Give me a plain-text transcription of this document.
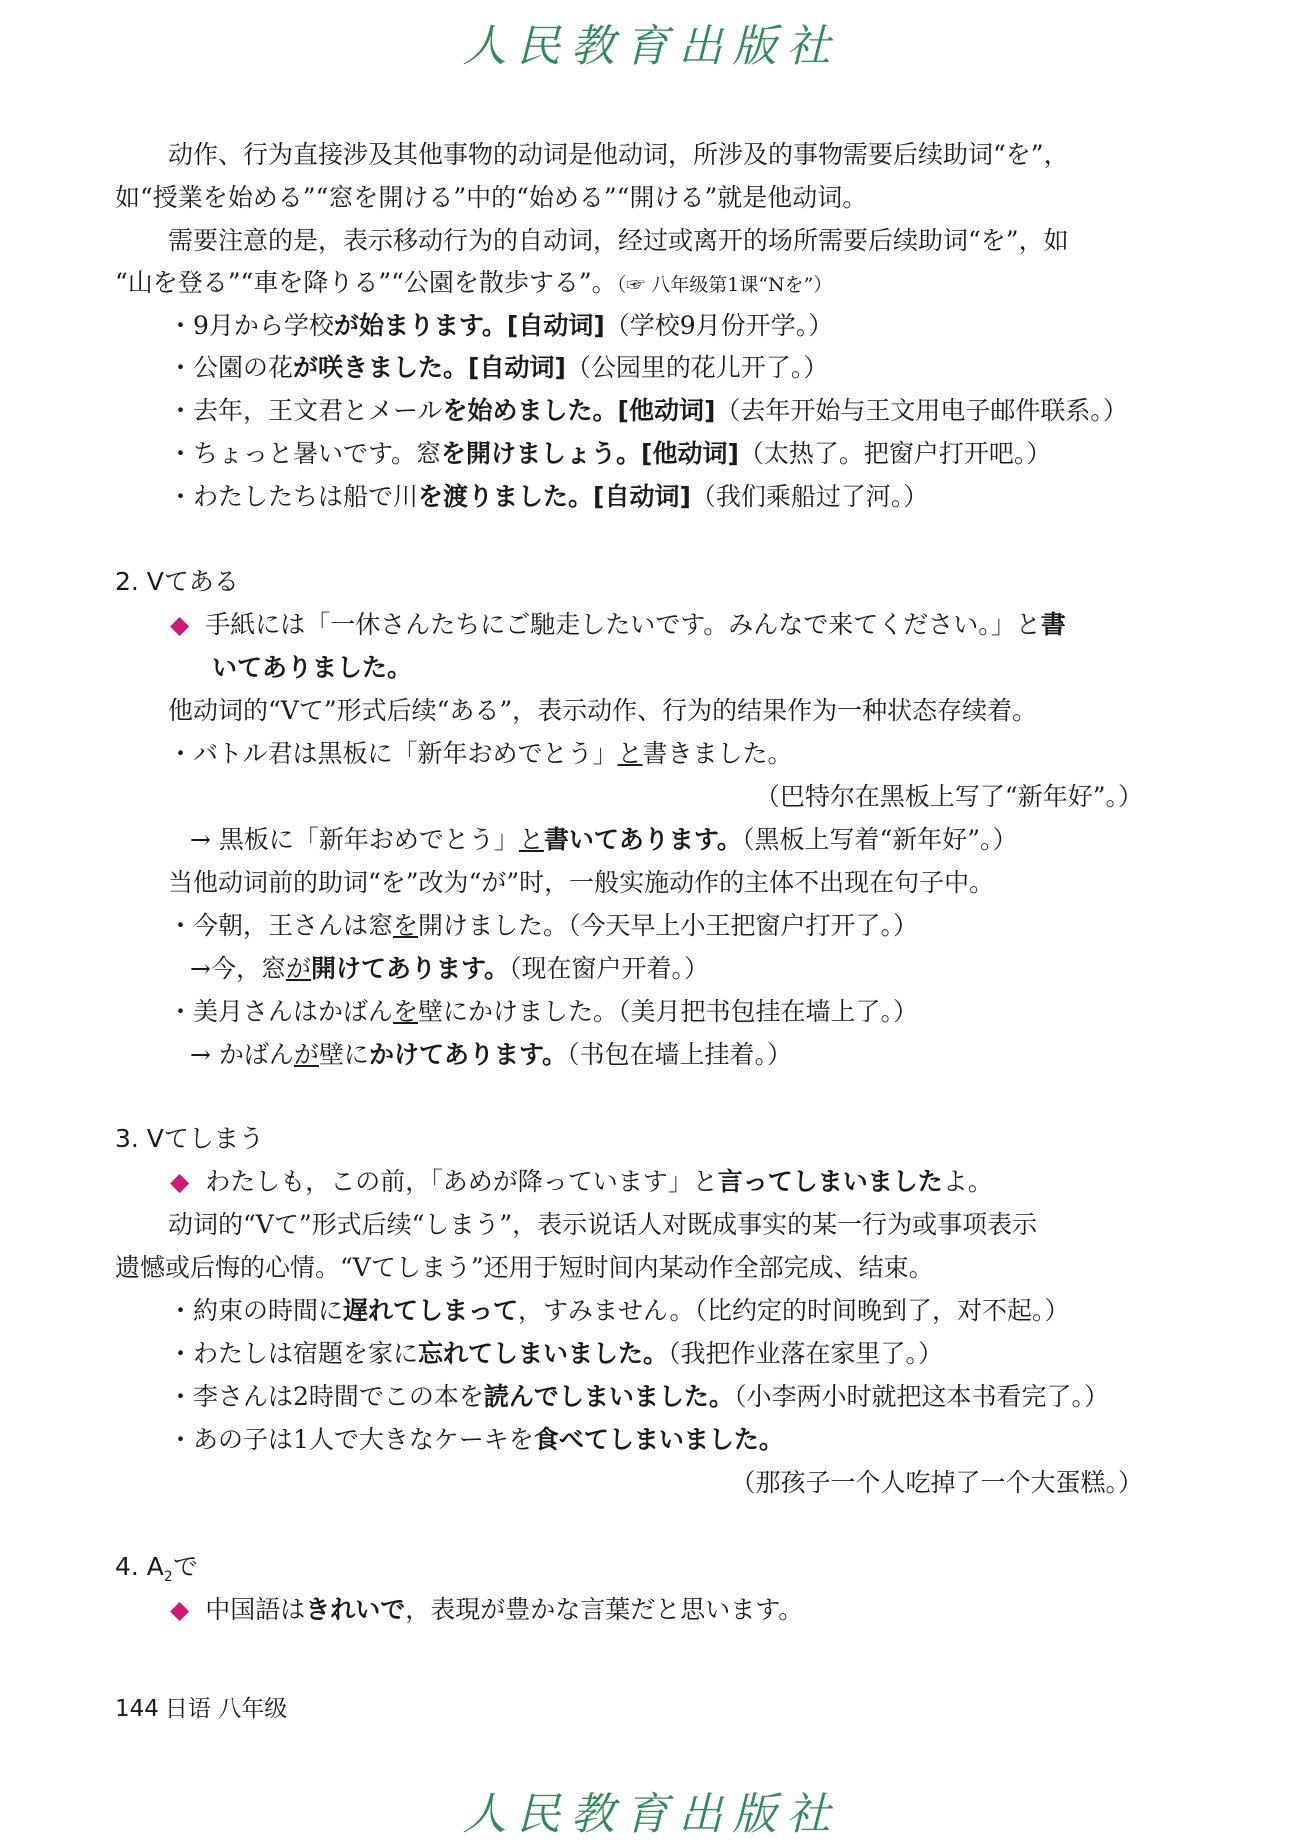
人民教育出版社
动作、行为直接涉及其他事物的动词是他动词，所涉及的事物需要后续助词“を”，
如“授業を始める”“窓を開ける”中的“始める”“開ける”就是他动词。
需要注意的是，表示移动行为的自动词，经过或离开的场所需要后续助词“を”，如
“山を登る”“車を降りる”“公園を散歩する”。（☞ 八年级第1课“Nを”）
・9月から学校が始まります。[自动词]（学校9月份开学。）
・公園の花が咲きました。[自动词]（公园里的花儿开了。）
・去年，王文君とメールを始めました。[他动词]（去年开始与王文用电子邮件联系。）
・ちょっと暑いです。窓を開けましょう。[他动词]（太热了。把窗户打开吧。）
・わたしたちは船で川を渡りました。[自动词]（我们乘船过了河。）
2. Vてある
◆ 手紙には「一休さんたちにご馳走したいです。みんなで来てください。」と書
いてありました。
他动词的“Vて”形式后续“ある”，表示动作、行为的结果作为一种状态存续着。
・バトル君は黒板に「新年おめでとう」と書きました。
（巴特尔在黑板上写了“新年好”。）
→ 黒板に「新年おめでとう」と書いてあります。（黑板上写着“新年好”。）
当他动词前的助词“を”改为“が”时，一般实施动作的主体不出现在句子中。
・今朝，王さんは窓を開けました。（今天早上小王把窗户打开了。）
→今，窓が開けてあります。（现在窗户开着。）
・美月さんはかばんを壁にかけました。（美月把书包挂在墙上了。）
→ かばんが壁にかけてあります。（书包在墙上挂着。）
3. Vてしまう
◆ わたしも，この前，「あめが降っています」と言ってしまいましたよ。
动词的“Vて”形式后续“しまう”，表示说话人对既成事实的某一行为或事项表示
遗憾或后悔的心情。“Vてしまう”还用于短时间内某动作全部完成、结束。
・約束の時間に遅れてしまって，すみません。（比约定的时间晚到了，对不起。）
・わたしは宿題を家に忘れてしまいました。（我把作业落在家里了。）
・李さんは2時間でこの本を読んでしまいました。（小李两小时就把这本书看完了。）
・あの子は1人で大きなケーキを食べてしまいました。
（那孩子一个人吃掉了一个大蛋糕。）
4. $A_2$で
◆ 中国語はきれいで，表現が豊かな言葉だと思います。
144 日语 八年级
人民教育出版社
